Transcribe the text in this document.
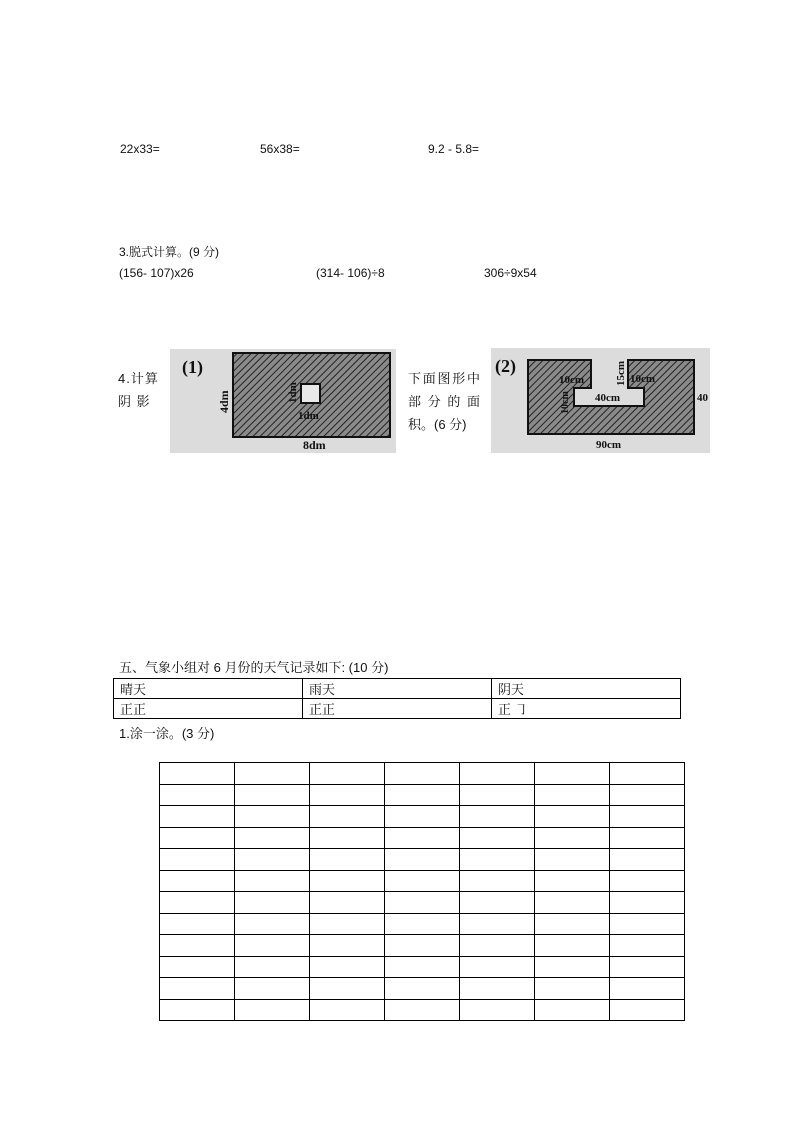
22x33=	56x38=	9.2 - 5.8=
3.脱式计算。(9 分)
(156- 107)x26	(314- 106)÷8	306÷9x54
4.计算阴 影
下面图形中部 分 的 面积。(6 分)
(1)
4dm	1dm
1dm
8dm
(2)
10cm	15cm 10cm
10cm 40cm	40
90cm
五、气象小组对 6 月份的天气记录如下: (10 分)
晴天	雨天	阴天
正正	正正	正 ㇆
1.涂一涂。(3 分)
